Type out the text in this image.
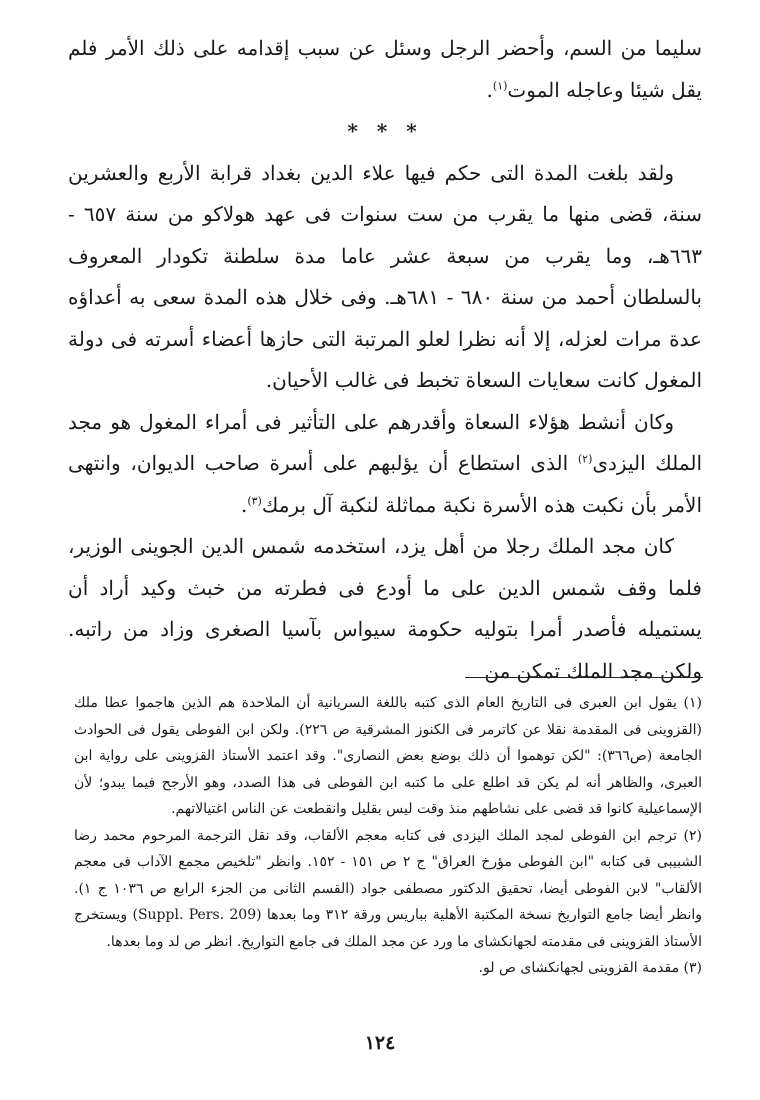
سليما من السم، وأحضر الرجل وسئل عن سبب إقدامه على ذلك الأمر فلم يقل شيئا وعاجله الموت$^{(١)}$.

* * *

ولقد بلغت المدة التى حكم فيها علاء الدين بغداد قرابة الأربع والعشرين سنة، قضى منها ما يقرب من ست سنوات فى عهد هولاكو من سنة ٦٥٧ - ٦٦٣هـ، وما يقرب من سبعة عشر عاما مدة سلطنة تكودار المعروف بالسلطان أحمد من سنة ٦٨٠ - ٦٨١هـ. وفى خلال هذه المدة سعى به أعداؤه عدة مرات لعزله، إلا أنه نظرا لعلو المرتبة التى حازها أعضاء أسرته فى دولة المغول كانت سعايات السعاة تخبط فى غالب الأحيان.

وكان أنشط هؤلاء السعاة وأقدرهم على التأثير فى أمراء المغول هو مجد الملك اليزدى$^{(٢)}$ الذى استطاع أن يؤلبهم على أسرة صاحب الديوان، وانتهى الأمر بأن نكبت هذه الأسرة نكبة مماثلة لنكبة آل برمك$^{(٣)}$.

كان مجد الملك رجلا من أهل يزد، استخدمه شمس الدين الجوينى الوزير، فلما وقف شمس الدين على ما أودع فى فطرته من خبث وكيد أراد أن يستميله فأصدر أمرا بتوليه حكومة سيواس بآسيا الصغرى وزاد من راتبه. ولكن مجد الملك تمكن من

(١) يقول ابن العبرى فى التاريخ العام الذى كتبه باللغة السريانية أن الملاحدة هم الذين هاجموا عطا ملك (القزوينى فى المقدمة نقلا عن كاترمر فى الكنوز المشرقية ص ٢٢٦). ولكن ابن الفوطى يقول فى الحوادث الجامعة (ص٣٦٦): "لكن توهموا أن ذلك بوضع بعض النصارى". وقد اعتمد الأستاذ القزوينى على رواية ابن العبرى، والظاهر أنه لم يكن قد اطلع على ما كتبه ابن الفوطى فى هذا الصدد، وهو الأرجح فيما يبدو؛ لأن الإسماعيلية كانوا قد قضى على نشاطهم منذ وقت ليس بقليل وانقطعت عن الناس اغتيالاتهم.

(٢) ترجم ابن الفوطى لمجد الملك اليزدى فى كتابه معجم الألقاب، وقد نقل الترجمة المرحوم محمد رضا الشبيبى فى كتابه "ابن الفوطى مؤرخ العراق" ج ٢ ص ١٥١ - ١٥٢. وانظر "تلخيص مجمع الآداب فى معجم الألقاب" لابن الفوطى أيضا، تحقيق الدكتور مصطفى جواد (القسم الثانى من الجزء الرابع ص ١٠٣٦ ج ١). وانظر أيضا جامع التواريخ نسخة المكتبة الأهلية بباريس ورقة ٣١٢ وما بعدها (Suppl. Pers. 209) ويستخرج الأستاذ القزوينى فى مقدمته لجهانكشاى ما ورد عن مجد الملك فى جامع التواريخ. انظر ص لد وما بعدها.

(٣) مقدمة القزوينى لجهانكشاى ص لو.

١٢٤
